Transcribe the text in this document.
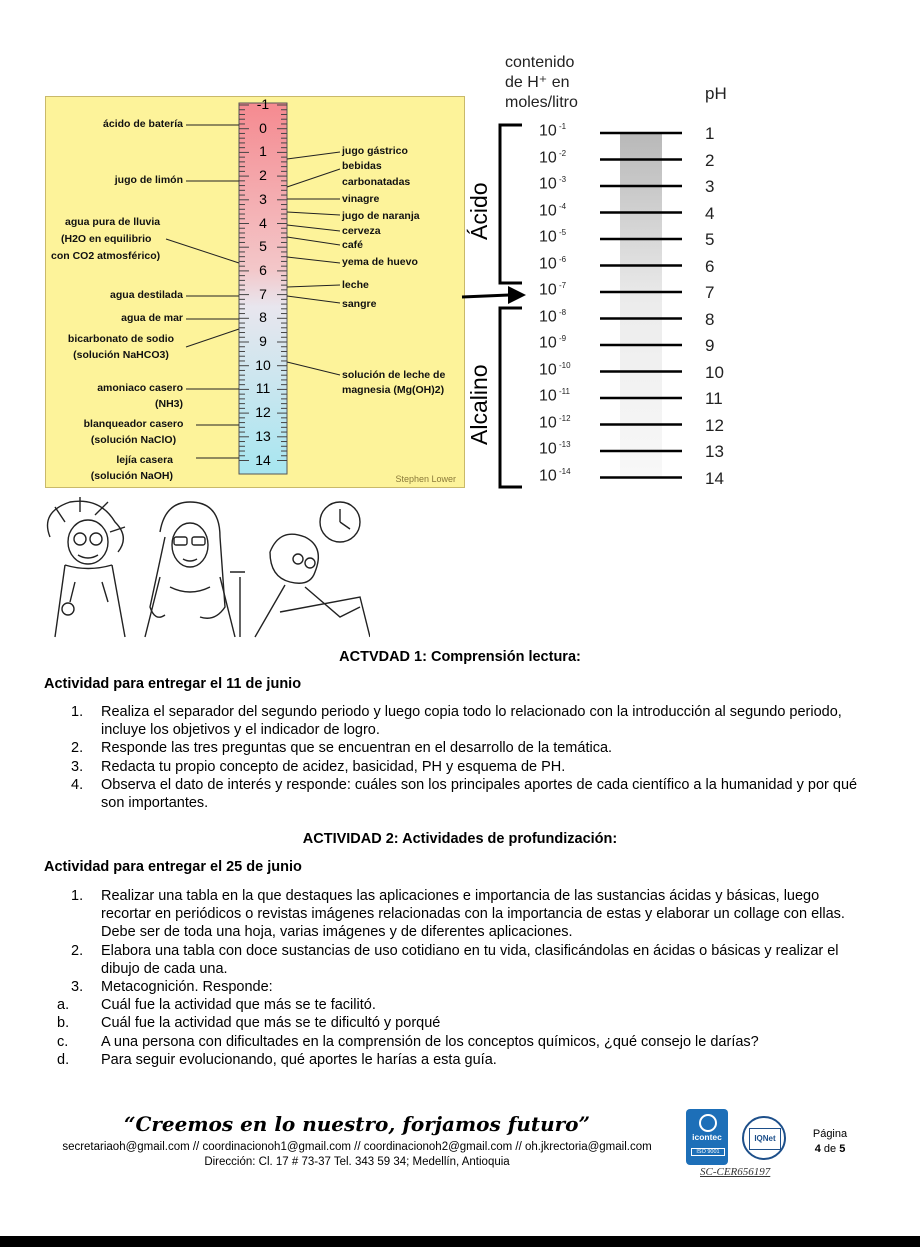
-1
0
1
2
3
4
5
6
7
8
9
10
11
12
13
14
ácido de batería
jugo de limón
agua pura de lluvia
(H2O en equilibrio
con CO2 atmosférico)
agua destilada
agua de mar
bicarbonato de sodio
(solución NaHCO3)
amoniaco casero
(NH3)
blanqueador casero
(solución NaClO)
lejía casera
(solución NaOH)
jugo gástrico
bebidas
carbonatadas
vinagre
jugo de naranja
cerveza
café
yema de huevo
leche
sangre
solución de leche de
magnesia (Mg(OH)2)
Stephen Lower
contenido
de H⁺ en
moles/litro	pH
Ácido
Alcalino
10 $^{-1}$
10 $^{-2}$
10 $^{-3}$
10 $^{-4}$
10 $^{-5}$
10 $^{-6}$
10 $^{-7}$
10 $^{-8}$
10 $^{-9}$
10 $^{-10}$
10 $^{-11}$
10 $^{-12}$
10 $^{-13}$
10 $^{-14}$
1
2
3
4
5
6
7
8
9
10
11
12
13
14
ACTVDAD 1: Comprensión lectura:
Actividad para entregar el 11 de junio
1. Realiza el separador del segundo periodo y luego copia todo lo relacionado con la introducción al segundo periodo, incluye los objetivos y el indicador de logro.
2. Responde las tres preguntas que se encuentran en el desarrollo de la temática.
3. Redacta tu propio concepto de acidez, basicidad, PH y esquema de PH.
4. Observa el dato de interés y responde: cuáles son los principales aportes de cada científico a la humanidad y por qué son importantes.
ACTIVIDAD 2: Actividades de profundización:
Actividad para entregar el 25 de junio
1. Realizar una tabla en la que destaques las aplicaciones e importancia de las sustancias ácidas y básicas, luego recortar en periódicos o revistas imágenes relacionadas con la importancia de estas y elaborar un collage con ellas. Debe ser de toda una hoja, varias imágenes y de diferentes aplicaciones.
2. Elabora una tabla con doce sustancias de uso cotidiano en tu vida, clasificándolas en ácidas o básicas y realizar el dibujo de cada una.
3. Metacognición. Responde:
a. Cuál fue la actividad que más se te facilitó.
b. Cuál fue la actividad que más se te dificultó y porqué
c. A una persona con dificultades en la comprensión de los conceptos químicos, ¿qué consejo le darías?
d. Para seguir evolucionando, qué aportes le harías a esta guía.
“Creemos en lo nuestro, forjamos futuro”
secretariaoh@gmail.com // coordinacionoh1@gmail.com // coordinacionoh2@gmail.com // oh.jkrectoria@gmail.com
Dirección: Cl. 17 # 73-37 Tel. 343 59 34; Medellín, Antioquia
icontec
ISO 9001
IQNet
SC-CER656197
Página
4 de 5
